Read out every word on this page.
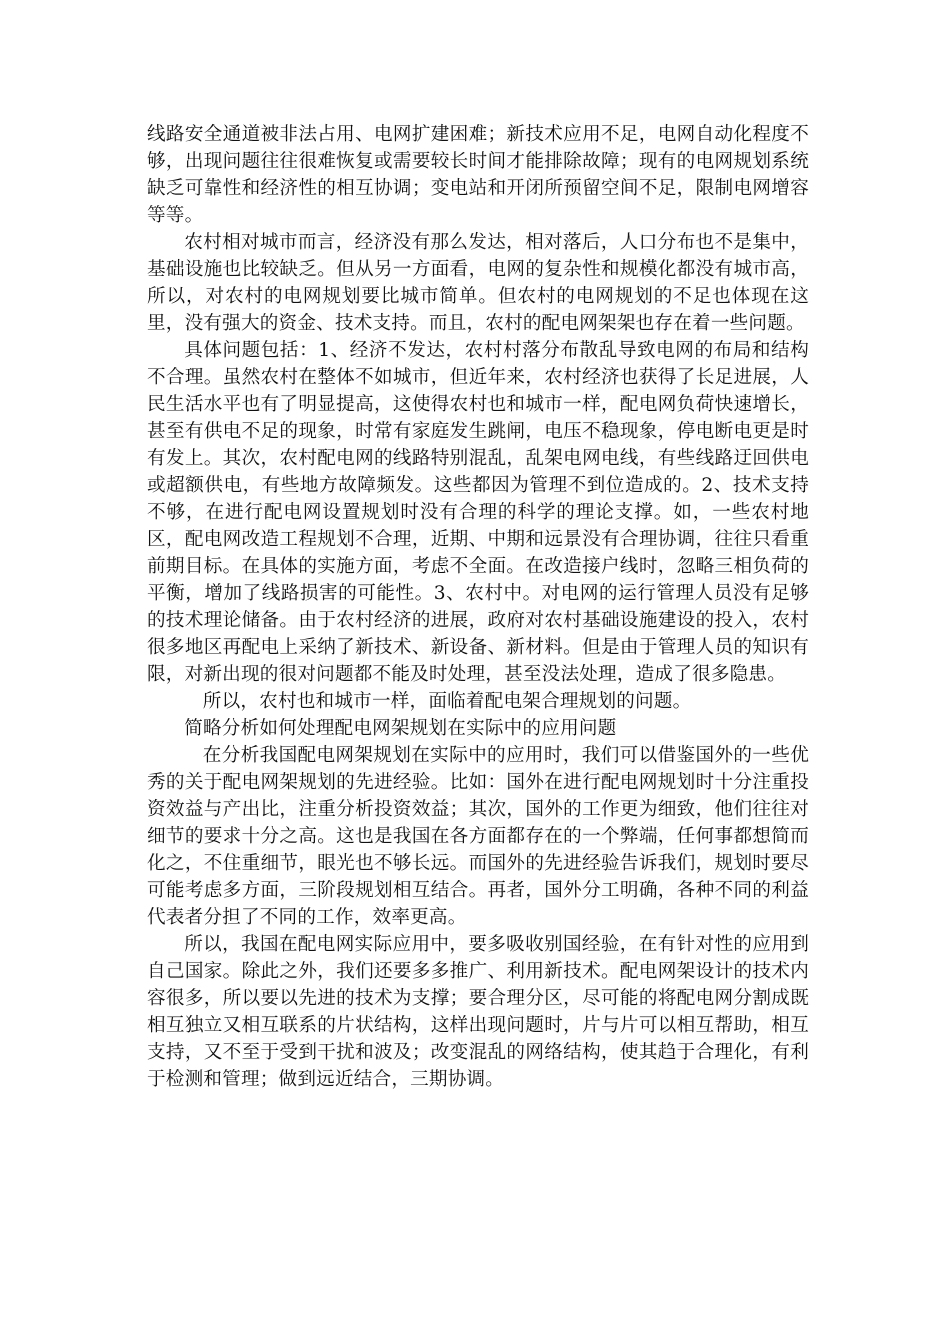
线路安全通道被非法占用、电网扩建困难；新技术应用不足，电网自动化程度不够，出现问题往往很难恢复或需要较长时间才能排除故障；现有的电网规划系统缺乏可靠性和经济性的相互协调；变电站和开闭所预留空间不足，限制电网增容等等。

农村相对城市而言，经济没有那么发达，相对落后，人口分布也不是集中，基础设施也比较缺乏。但从另一方面看，电网的复杂性和规模化都没有城市高，所以，对农村的电网规划要比城市简单。但农村的电网规划的不足也体现在这里，没有强大的资金、技术支持。而且，农村的配电网架架也存在着一些问题。

具体问题包括：1、经济不发达，农村村落分布散乱导致电网的布局和结构不合理。虽然农村在整体不如城市，但近年来，农村经济也获得了长足进展，人民生活水平也有了明显提高，这使得农村也和城市一样，配电网负荷快速增长，甚至有供电不足的现象，时常有家庭发生跳闸，电压不稳现象，停电断电更是时有发上。其次，农村配电网的线路特别混乱，乱架电网电线，有些线路迂回供电或超额供电，有些地方故障频发。这些都因为管理不到位造成的。2、技术支持不够，在进行配电网设置规划时没有合理的科学的理论支撑。如，一些农村地区，配电网改造工程规划不合理，近期、中期和远景没有合理协调，往往只看重前期目标。在具体的实施方面，考虑不全面。在改造接户线时，忽略三相负荷的平衡，增加了线路损害的可能性。3、农村中。对电网的运行管理人员没有足够的技术理论储备。由于农村经济的进展，政府对农村基础设施建设的投入，农村很多地区再配电上采纳了新技术、新设备、新材料。但是由于管理人员的知识有限，对新出现的很对问题都不能及时处理，甚至没法处理，造成了很多隐患。

所以，农村也和城市一样，面临着配电架合理规划的问题。

简略分析如何处理配电网架规划在实际中的应用问题

在分析我国配电网架规划在实际中的应用时，我们可以借鉴国外的一些优秀的关于配电网架规划的先进经验。比如：国外在进行配电网规划时十分注重投资效益与产出比，注重分析投资效益；其次，国外的工作更为细致，他们往往对细节的要求十分之高。这也是我国在各方面都存在的一个弊端，任何事都想简而化之，不住重细节，眼光也不够长远。而国外的先进经验告诉我们，规划时要尽可能考虑多方面，三阶段规划相互结合。再者，国外分工明确，各种不同的利益代表者分担了不同的工作，效率更高。

所以，我国在配电网实际应用中，要多吸收别国经验，在有针对性的应用到自己国家。除此之外，我们还要多多推广、利用新技术。配电网架设计的技术内容很多，所以要以先进的技术为支撑；要合理分区，尽可能的将配电网分割成既相互独立又相互联系的片状结构，这样出现问题时，片与片可以相互帮助，相互支持，又不至于受到干扰和波及；改变混乱的网络结构，使其趋于合理化，有利于检测和管理；做到远近结合，三期协调。
